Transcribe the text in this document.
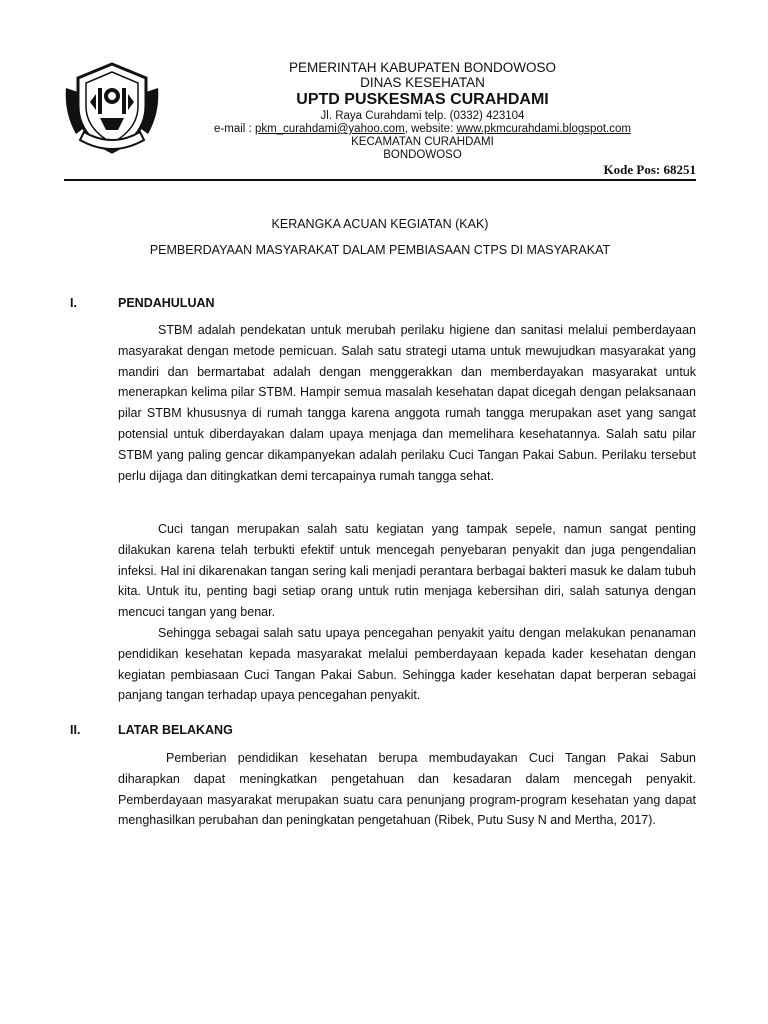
PEMERINTAH KABUPATEN BONDOWOSO
DINAS KESEHATAN
UPTD PUSKESMAS CURAHDAMI
Jl. Raya Curahdami telp. (0332) 423104
e-mail : pkm_curahdami@yahoo.com, website: www.pkmcurahdami.blogspot.com
KECAMATAN CURAHDAMI
BONDOWOSO
Kode Pos: 68251
KERANGKA ACUAN KEGIATAN (KAK)
PEMBERDAYAAN MASYARAKAT DALAM PEMBIASAAN CTPS DI MASYARAKAT
I.	PENDAHULUAN

STBM adalah pendekatan untuk merubah perilaku higiene dan sanitasi melalui pemberdayaan masyarakat dengan metode pemicuan. Salah satu strategi utama untuk mewujudkan masyarakat yang mandiri dan bermartabat adalah dengan menggerakkan dan memberdayakan masyarakat untuk menerapkan kelima pilar STBM. Hampir semua masalah kesehatan dapat dicegah dengan pelaksanaan pilar STBM khususnya di rumah tangga karena anggota rumah tangga merupakan aset yang sangat potensial untuk diberdayakan dalam upaya menjaga dan memelihara kesehatannya. Salah satu pilar STBM yang paling gencar dikampanyekan adalah perilaku Cuci Tangan Pakai Sabun. Perilaku tersebut perlu dijaga dan ditingkatkan demi tercapainya rumah tangga sehat.

Cuci tangan merupakan salah satu kegiatan yang tampak sepele, namun sangat penting dilakukan karena telah terbukti efektif untuk mencegah penyebaran penyakit dan juga pengendalian infeksi. Hal ini dikarenakan tangan sering kali menjadi perantara berbagai bakteri masuk ke dalam tubuh kita. Untuk itu, penting bagi setiap orang untuk rutin menjaga kebersihan diri, salah satunya dengan mencuci tangan yang benar.

Sehingga sebagai salah satu upaya pencegahan penyakit yaitu dengan melakukan penanaman pendidikan kesehatan kepada masyarakat melalui pemberdayaan kepada kader kesehatan dengan kegiatan pembiasaan Cuci Tangan Pakai Sabun. Sehingga kader kesehatan dapat berperan sebagai panjang tangan terhadap upaya pencegahan penyakit.

II.	LATAR BELAKANG

Pemberian pendidikan kesehatan berupa membudayakan Cuci Tangan Pakai Sabun diharapkan dapat meningkatkan pengetahuan dan kesadaran dalam mencegah penyakit. Pemberdayaan masyarakat merupakan suatu cara penunjang program-program kesehatan yang dapat menghasilkan perubahan dan peningkatan pengetahuan (Ribek, Putu Susy N and Mertha, 2017).
